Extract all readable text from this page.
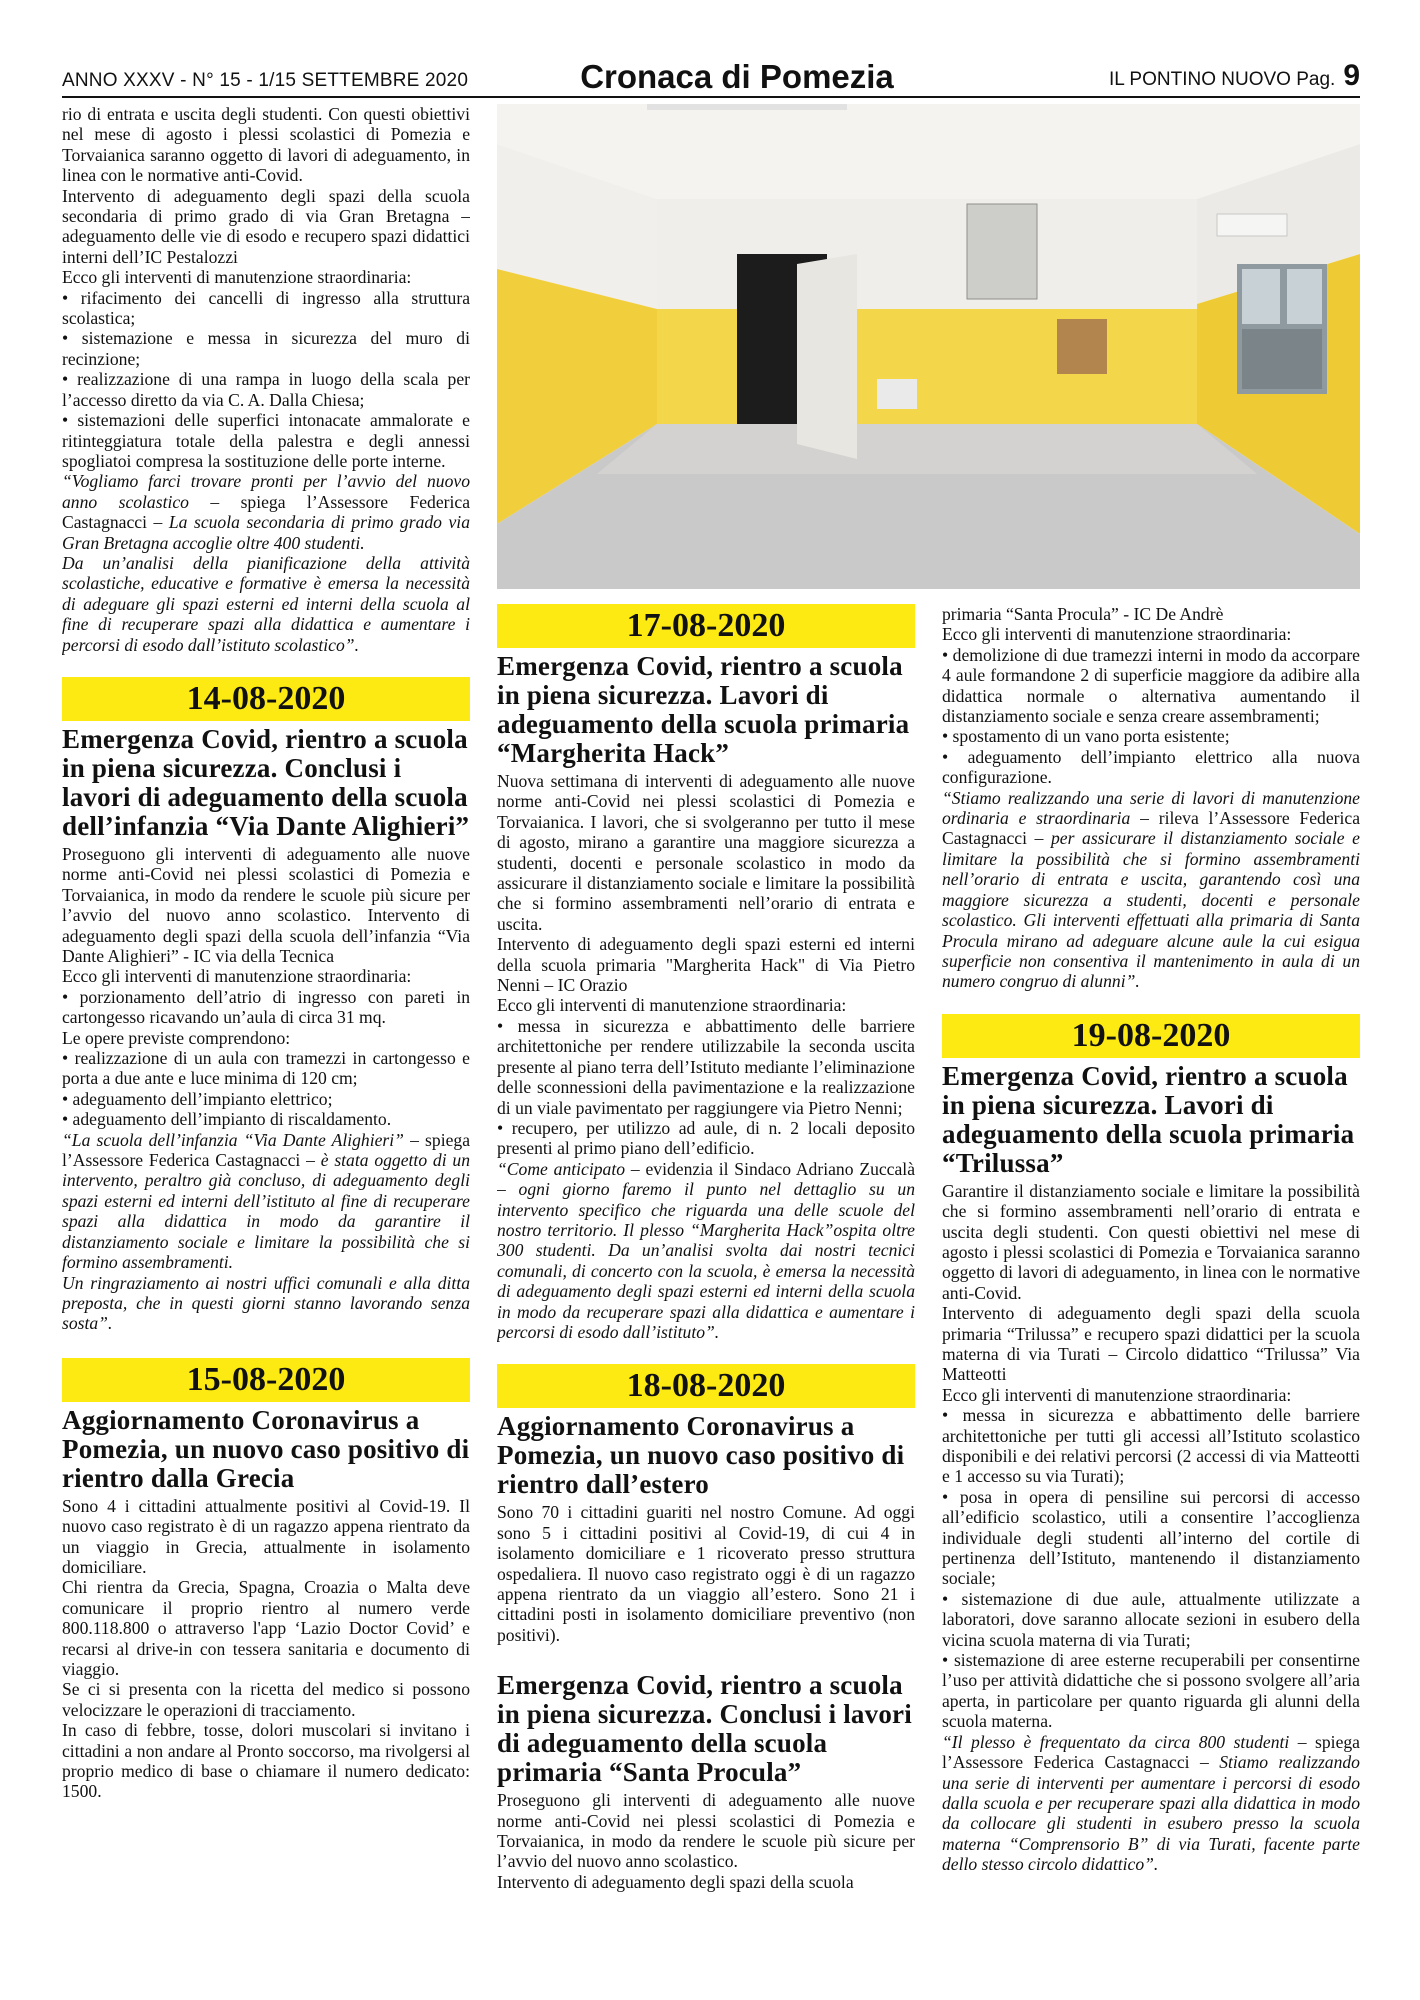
ANNO XXXV - N° 15 - 1/15 SETTEMBRE 2020	Cronaca di Pomezia	IL PONTINO NUOVO Pag. 9

rio di entrata e uscita degli studenti. Con questi obiettivi nel mese di agosto i plessi scolastici di Pomezia e Torvaianica saranno oggetto di lavori di adeguamento, in linea con le normative anti-Covid.

Intervento di adeguamento degli spazi della scuola secondaria di primo grado di via Gran Bretagna – adeguamento delle vie di esodo e recupero spazi didattici interni dell’IC Pestalozzi

Ecco gli interventi di manutenzione straordinaria:

• rifacimento dei cancelli di ingresso alla struttura scolastica;

• sistemazione e messa in sicurezza del muro di recinzione;

• realizzazione di una rampa in luogo della scala per l’accesso diretto da via C. A. Dalla Chiesa;

• sistemazioni delle superfici intonacate ammalorate e ritinteggiatura totale della palestra e degli annessi spogliatoi compresa la sostituzione delle porte interne.

“Vogliamo farci trovare pronti per l’avvio del nuovo anno scolastico – spiega l’Assessore Federica Castagnacci – La scuola secondaria di primo grado via Gran Bretagna accoglie oltre 400 studenti.

Da un’analisi della pianificazione della attività scolastiche, educative e formative è emersa la necessità di adeguare gli spazi esterni ed interni della scuola al fine di recuperare spazi alla didattica e aumentare i percorsi di esodo dall’istituto scolastico”.

14-08-2020
Emergenza Covid, rientro a scuola in piena sicurezza. Conclusi i lavori di adeguamento della scuola dell’infanzia “Via Dante Alighieri”

Proseguono gli interventi di adeguamento alle nuove norme anti-Covid nei plessi scolastici di Pomezia e Torvaianica, in modo da rendere le scuole più sicure per l’avvio del nuovo anno scolastico. Intervento di adeguamento degli spazi della scuola dell’infanzia “Via Dante Alighieri” - IC via della Tecnica

Ecco gli interventi di manutenzione straordinaria:

• porzionamento dell’atrio di ingresso con pareti in cartongesso ricavando un’aula di circa 31 mq.

Le opere previste comprendono:

• realizzazione di un aula con tramezzi in cartongesso e porta a due ante e luce minima di 120 cm;

• adeguamento dell’impianto elettrico;

• adeguamento dell’impianto di riscaldamento.

“La scuola dell’infanzia “Via Dante Alighieri” – spiega l’Assessore Federica Castagnacci – è stata oggetto di un intervento, peraltro già concluso, di adeguamento degli spazi esterni ed interni dell’istituto al fine di recuperare spazi alla didattica in modo da garantire il distanziamento sociale e limitare la possibilità che si formino assembramenti.

Un ringraziamento ai nostri uffici comunali e alla ditta preposta, che in questi giorni stanno lavorando senza sosta”.

15-08-2020
Aggiornamento Coronavirus a Pomezia, un nuovo caso positivo di rientro dalla Grecia

Sono 4 i cittadini attualmente positivi al Covid-19. Il nuovo caso registrato è di un ragazzo appena rientrato da un viaggio in Grecia, attualmente in isolamento domiciliare.

Chi rientra da Grecia, Spagna, Croazia o Malta deve comunicare il proprio rientro al numero verde 800.118.800 o attraverso l'app ‘Lazio Doctor Covid’ e recarsi al drive-in con tessera sanitaria e documento di viaggio.

Se ci si presenta con la ricetta del medico si possono velocizzare le operazioni di tracciamento.

In caso di febbre, tosse, dolori muscolari si invitano i cittadini a non andare al Pronto soccorso, ma rivolgersi al proprio medico di base o chiamare il numero dedicato: 1500.

17-08-2020
Emergenza Covid, rientro a scuola in piena sicurezza. Lavori di adeguamento della scuola primaria “Margherita Hack”

Nuova settimana di interventi di adeguamento alle nuove norme anti-Covid nei plessi scolastici di Pomezia e Torvaianica. I lavori, che si svolgeranno per tutto il mese di agosto, mirano a garantire una maggiore sicurezza a studenti, docenti e personale scolastico in modo da assicurare il distanziamento sociale e limitare la possibilità che si formino assembramenti nell’orario di entrata e uscita.

Intervento di adeguamento degli spazi esterni ed interni della scuola primaria "Margherita Hack" di Via Pietro Nenni – IC Orazio

Ecco gli interventi di manutenzione straordinaria:

• messa in sicurezza e abbattimento delle barriere architettoniche per rendere utilizzabile la seconda uscita presente al piano terra dell’Istituto mediante l’eliminazione delle sconnessioni della pavimentazione e la realizzazione di un viale pavimentato per raggiungere via Pietro Nenni;

• recupero, per utilizzo ad aule, di n. 2 locali deposito presenti al primo piano dell’edificio.

“Come anticipato – evidenzia il Sindaco Adriano Zuccalà – ogni giorno faremo il punto nel dettaglio su un intervento specifico che riguarda una delle scuole del nostro territorio. Il plesso “Margherita Hack”ospita oltre 300 studenti. Da un’analisi svolta dai nostri tecnici comunali, di concerto con la scuola, è emersa la necessità di adeguamento degli spazi esterni ed interni della scuola in modo da recuperare spazi alla didattica e aumentare i percorsi di esodo dall’istituto”.

18-08-2020
Aggiornamento Coronavirus a Pomezia, un nuovo caso positivo di rientro dall’estero

Sono 70 i cittadini guariti nel nostro Comune. Ad oggi sono 5 i cittadini positivi al Covid-19, di cui 4 in isolamento domiciliare e 1 ricoverato presso struttura ospedaliera. Il nuovo caso registrato oggi è di un ragazzo appena rientrato da un viaggio all’estero. Sono 21 i cittadini posti in isolamento domiciliare preventivo (non positivi).

Emergenza Covid, rientro a scuola in piena sicurezza. Conclusi i lavori di adeguamento della scuola primaria “Santa Procula”

Proseguono gli interventi di adeguamento alle nuove norme anti-Covid nei plessi scolastici di Pomezia e Torvaianica, in modo da rendere le scuole più sicure per l’avvio del nuovo anno scolastico.

Intervento di adeguamento degli spazi della scuola

primaria “Santa Procula” - IC De Andrè

Ecco gli interventi di manutenzione straordinaria:

• demolizione di due tramezzi interni in modo da accorpare 4 aule formandone 2 di superficie maggiore da adibire alla didattica normale o alternativa aumentando il distanziamento sociale e senza creare assembramenti;

• spostamento di un vano porta esistente;

• adeguamento dell’impianto elettrico alla nuova configurazione.

“Stiamo realizzando una serie di lavori di manutenzione ordinaria e straordinaria – rileva l’Assessore Federica Castagnacci – per assicurare il distanziamento sociale e limitare la possibilità che si formino assembramenti nell’orario di entrata e uscita, garantendo così una maggiore sicurezza a studenti, docenti e personale scolastico. Gli interventi effettuati alla primaria di Santa Procula mirano ad adeguare alcune aule la cui esigua superficie non consentiva il mantenimento in aula di un numero congruo di alunni”.

19-08-2020
Emergenza Covid, rientro a scuola in piena sicurezza. Lavori di adeguamento della scuola primaria “Trilussa”

Garantire il distanziamento sociale e limitare la possibilità che si formino assembramenti nell’orario di entrata e uscita degli studenti. Con questi obiettivi nel mese di agosto i plessi scolastici di Pomezia e Torvaianica saranno oggetto di lavori di adeguamento, in linea con le normative anti-Covid.

Intervento di adeguamento degli spazi della scuola primaria “Trilussa” e recupero spazi didattici per la scuola materna di via Turati – Circolo didattico “Trilussa” Via Matteotti

Ecco gli interventi di manutenzione straordinaria:

• messa in sicurezza e abbattimento delle barriere architettoniche per tutti gli accessi all’Istituto scolastico disponibili e dei relativi percorsi (2 accessi di via Matteotti e 1 accesso su via Turati);

• posa in opera di pensiline sui percorsi di accesso all’edificio scolastico, utili a consentire l’accoglienza individuale degli studenti all’interno del cortile di pertinenza dell’Istituto, mantenendo il distanziamento sociale;

• sistemazione di due aule, attualmente utilizzate a laboratori, dove saranno allocate sezioni in esubero della vicina scuola materna di via Turati;

• sistemazione di aree esterne recuperabili per consentirne l’uso per attività didattiche che si possono svolgere all’aria aperta, in particolare per quanto riguarda gli alunni della scuola materna.

“Il plesso è frequentato da circa 800 studenti – spiega l’Assessore Federica Castagnacci – Stiamo realizzando una serie di interventi per aumentare i percorsi di esodo dalla scuola e per recuperare spazi alla didattica in modo da collocare gli studenti in esubero presso la scuola materna “Comprensorio B” di via Turati, facente parte dello stesso circolo didattico”.
